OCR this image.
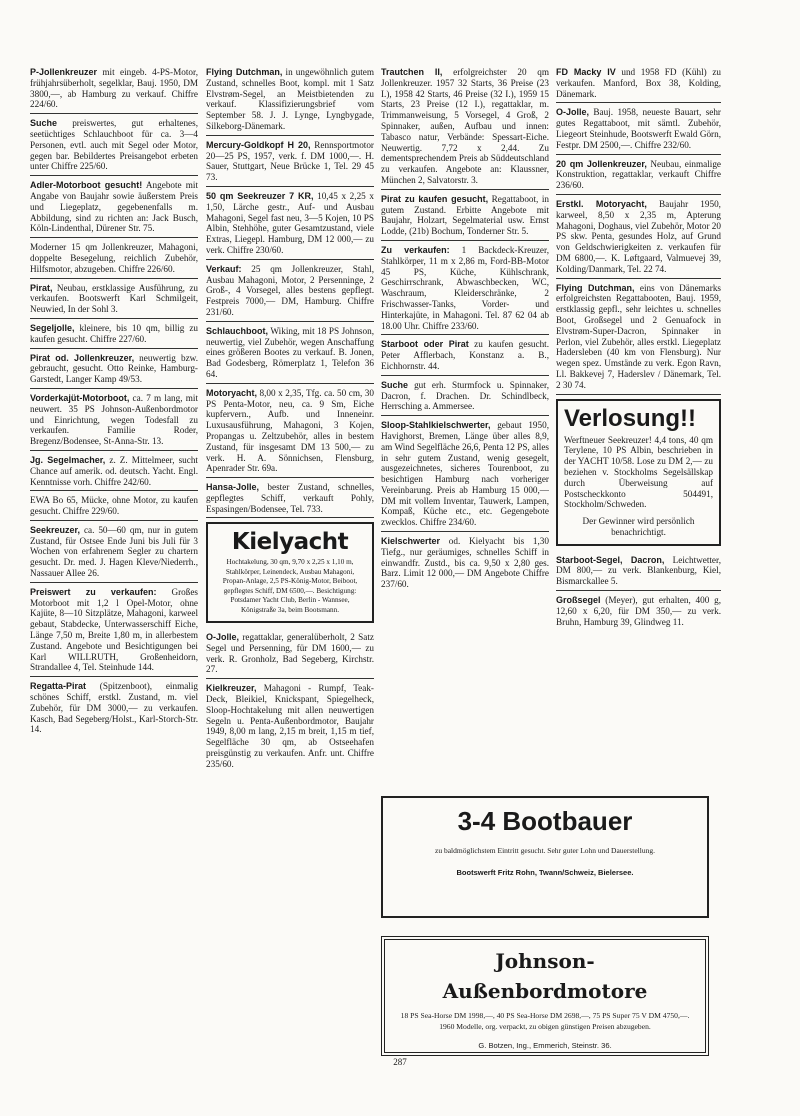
P-Jollenkreuzer mit eingeb. 4-PS-Motor, frühjahrsüberholt, segelklar, Bauj. 1950, DM 3800,—, ab Hamburg zu verkauf. Chiffre 224/60.
Suche preiswertes, gut erhaltenes, seetüchtiges Schlauchboot für ca. 3—4 Personen, evtl. auch mit Segel oder Motor, gegen bar. Bebildertes Preisangebot erbeten unter Chiffre 225/60.
Adler-Motorboot gesucht! Angebote mit Angabe von Baujahr sowie äußerstem Preis und Liegeplatz, gegebenenfalls m. Abbildung, sind zu richten an: Jack Busch, Köln-Lindenthal, Dürener Str. 75.
Moderner 15 qm Jollenkreuzer, Mahagoni, doppelte Besegelung, reichlich Zubehör, Hilfsmotor, abzugeben. Chiffre 226/60.
Pirat, Neubau, erstklassige Ausführung, zu verkaufen. Bootswerft Karl Schmilgeit, Neuwied, In der Sohl 3.
Segeljolle, kleinere, bis 10 qm, billig zu kaufen gesucht. Chiffre 227/60.
Pirat od. Jollenkreuzer, neuwertig bzw. gebraucht, gesucht. Otto Reinke, Hamburg-Garstedt, Langer Kamp 49/53.
Vorderkajüt-Motorboot, ca. 7 m lang, mit neuwert. 35 PS Johnson-Außenbordmotor und Einrichtung, wegen Todesfall zu verkaufen. Familie Roder, Bregenz/Bodensee, St-Anna-Str. 13.
Jg. Segelmacher, z. Z. Mittelmeer, sucht Chance auf amerik. od. deutsch. Yacht. Engl. Kenntnisse vorh. Chiffre 242/60.
EWA Bo 65, Mücke, ohne Motor, zu kaufen gesucht. Chiffre 229/60.
Seekreuzer, ca. 50—60 qm, nur in gutem Zustand, für Ostsee Ende Juni bis Juli für 3 Wochen von erfahrenem Segler zu chartern gesucht. Dr. med. J. Hagen Kleve/Niederrh., Nassauer Allee 26.
Preiswert zu verkaufen: Großes Motorboot mit 1,2 l Opel-Motor, ohne Kajüte, 8—10 Sitzplätze, Mahagoni, karweel gebaut, Stabdecke, Unterwasserschiff Eiche, Länge 7,50 m, Breite 1,80 m, in allerbestem Zustand. Angebote und Besichtigungen bei Karl WILLRUTH, Großenheidorn, Strandallee 4, Tel. Steinhude 144.
Regatta-Pirat (Spitzenboot), einmalig schönes Schiff, erstkl. Zustand, m. viel Zubehör, für DM 3000,— zu verkaufen. Kasch, Bad Segeberg/Holst., Karl-Storch-Str. 14.
Flying Dutchman, in ungewöhnlich gutem Zustand, schnelles Boot, kompl. mit 1 Satz Elvstrøm-Segel, an Meistbietenden zu verkauf. Klassifizierungsbrief vom September 58. J. J. Lynge, Lyngbygade, Silkeborg-Dänemark.
Mercury-Goldkopf H 20, Rennsportmotor 20—25 PS, 1957, verk. f. DM 1000,—. H. Sauer, Stuttgart, Neue Brücke 1, Tel. 29 45 73.
50 qm Seekreuzer 7 KR, 10,45 x 2,25 x 1,50, Lärche gestr., Auf- und Ausbau Mahagoni, Segel fast neu, 3—5 Kojen, 10 PS Albin, Stehhöhe, guter Gesamtzustand, viele Extras, Liegepl. Hamburg, DM 12 000,— zu verk. Chiffre 230/60.
Verkauf: 25 qm Jollenkreuzer, Stahl, Ausbau Mahagoni, Motor, 2 Persenninge, 2 Groß-, 4 Vorsegel, alles bestens gepflegt. Festpreis 7000,— DM, Hamburg. Chiffre 231/60.
Schlauchboot, Wiking, mit 18 PS Johnson, neuwertig, viel Zubehör, wegen Anschaffung eines größeren Bootes zu verkauf. B. Jonen, Bad Godesberg, Römerplatz 1, Telefon 36 64.
Motoryacht, 8,00 x 2,35, Tfg. ca. 50 cm, 30 PS Penta-Motor, neu, ca. 9 Sm, Eiche kupfervern., Aufb. und Inneneinr. Luxusausführung, Mahagoni, 3 Kojen, Propangas u. Zeltzubehör, alles in bestem Zustand, für insgesamt DM 13 500,— zu verk. H. A. Sönnichsen, Flensburg, Apenrader Str. 69a.
Hansa-Jolle, bester Zustand, schnelles, gepflegtes Schiff, verkauft Pohly, Espasingen/Bodensee, Tel. 733.
Kielyacht
Hochtakelung, 30 qm, 9,70 x 2,25 x 1,10 m, Stahlkörper, Leinendeck, Ausbau Mahagoni, Propan-Anlage, 2,5 PS-König-Motor, Beiboot, gepflegtes Schiff, DM 6500,—. Besichtigung: Potsdamer Yacht Club, Berlin - Wannsee, Königstraße 3a, beim Bootsmann.
O-Jolle, regattaklar, generalüberholt, 2 Satz Segel und Persenning, für DM 1600,— zu verk. R. Gronholz, Bad Segeberg, Kirchstr. 27.
Kielkreuzer, Mahagoni - Rumpf, Teak-Deck, Bleikiel, Knickspant, Spiegelheck, Sloop-Hochtakelung mit allen neuwertigen Segeln u. Penta-Außenbordmotor, Baujahr 1949, 8,00 m lang, 2,15 m breit, 1,15 m tief, Segelfläche 30 qm, ab Ostseehafen preisgünstig zu verkaufen. Anfr. unt. Chiffre 235/60.
Trautchen II, erfolgreichster 20 qm Jollenkreuzer. 1957 32 Starts, 36 Preise (23 I.), 1958 42 Starts, 46 Preise (32 I.), 1959 15 Starts, 23 Preise (12 I.), regattaklar, m. Trimmanweisung, 5 Vorsegel, 4 Groß, 2 Spinnaker, außen, Aufbau und innen: Tabasco natur, Verbände: Spessart-Eiche. Neuwertig. 7,72 x 2,44. Zu dementsprechendem Preis ab Süddeutschland zu verkaufen. Angebote an: Klaussner, München 2, Salvatorstr. 3.
Pirat zu kaufen gesucht, Regattaboot, in gutem Zustand. Erbitte Angebote mit Baujahr, Holzart, Segelmaterial usw. Ernst Lodde, (21b) Bochum, Tonderner Str. 5.
Zu verkaufen: 1 Backdeck-Kreuzer, Stahlkörper, 11 m x 2,86 m, Ford-BB-Motor 45 PS, Küche, Kühlschrank, Geschirrschrank, Abwaschbecken, WC, Waschraum, Kleiderschränke, 2 Frischwasser-Tanks, Vorder- und Hinterkajüte, in Mahagoni. Tel. 87 62 04 ab 18.00 Uhr. Chiffre 233/60.
Starboot oder Pirat zu kaufen gesucht. Peter Afflerbach, Konstanz a. B., Eichhornstr. 44.
Suche gut erh. Sturmfock u. Spinnaker, Dacron, f. Drachen. Dr. Schindlbeck, Herrsching a. Ammersee.
Sloop-Stahlkielschwerter, gebaut 1950, Havighorst, Bremen, Länge über alles 8,9, am Wind Segelfläche 26,6, Penta 12 PS, alles in sehr gutem Zustand, wenig gesegelt, ausgezeichnetes, sicheres Tourenboot, zu besichtigen Hamburg nach vorheriger Vereinbarung. Preis ab Hamburg 15 000,— DM mit vollem Inventar, Tauwerk, Lampen, Kompaß, Küche etc., etc. Gegengebote zwecklos. Chiffre 234/60.
Kielschwerter od. Kielyacht bis 1,30 Tiefg., nur geräumiges, schnelles Schiff in einwandfr. Zustd., bis ca. 9,50 x 2,80 ges. Barz. Limit 12 000,— DM Angebote Chiffre 237/60.
FD Macky IV und 1958 FD (Kühl) zu verkaufen. Manford, Box 38, Kolding, Dänemark.
O-Jolle, Bauj. 1958, neueste Bauart, sehr gutes Regattaboot, mit sämtl. Zubehör, Liegeort Steinhude, Bootswerft Ewald Görn, Festpr. DM 2500,—. Chiffre 232/60.
20 qm Jollenkreuzer, Neubau, einmalige Konstruktion, regattaklar, verkauft Chiffre 236/60.
Erstkl. Motoryacht, Baujahr 1950, karweel, 8,50 x 2,35 m, Apterung Mahagoni, Doghaus, viel Zubehör, Motor 20 PS skw. Penta, gesundes Holz, auf Grund von Geldschwierigkeiten z. verkaufen für DM 6800,—. K. Løftgaard, Valmuevej 39, Kolding/Danmark, Tel. 22 74.
Flying Dutchman, eins von Dänemarks erfolgreichsten Regattabooten, Bauj. 1959, erstklassig gepfl., sehr leichtes u. schnelles Boot, Großsegel und 2 Genuafock in Elvstrøm-Super-Dacron, Spinnaker in Perlon, viel Zubehör, alles erstkl. Liegeplatz Hadersleben (40 km von Flensburg). Nur wegen spez. Umstände zu verk. Egon Ravn, Ll. Bakkevej 7, Haderslev / Dänemark, Tel. 2 30 74.
Verlosung!!
Werftneuer Seekreuzer! 4,4 tons, 40 qm Terylene, 10 PS Albin, beschrieben in der YACHT 10/58. Lose zu DM 2,— zu beziehen v. Stockholms Segelsällskap durch Überweisung auf Postscheckkonto 504491, Stockholm/Schweden.
Der Gewinner wird persönlich benachrichtigt.
Starboot-Segel, Dacron, Leichtwetter, DM 800,— zu verk. Blankenburg, Kiel, Bismarckallee 5.
Großsegel (Meyer), gut erhalten, 400 g, 12,60 x 6,20, für DM 350,— zu verk. Bruhn, Hamburg 39, Glindweg 11.
3-4 Bootbauer
zu baldmöglichstem Eintritt gesucht. Sehr guter Lohn und Dauerstellung.
Bootswerft Fritz Rohn, Twann/Schweiz, Bielersee.
Johnson-Außenbordmotore
18 PS Sea-Horse DM 1998,—, 40 PS Sea-Horse DM 2698,—, 75 PS Super 75 V DM 4750,—. 1960 Modelle, org. verpackt, zu obigen günstigen Preisen abzugeben.
G. Botzen, Ing., Emmerich, Steinstr. 36.
287
